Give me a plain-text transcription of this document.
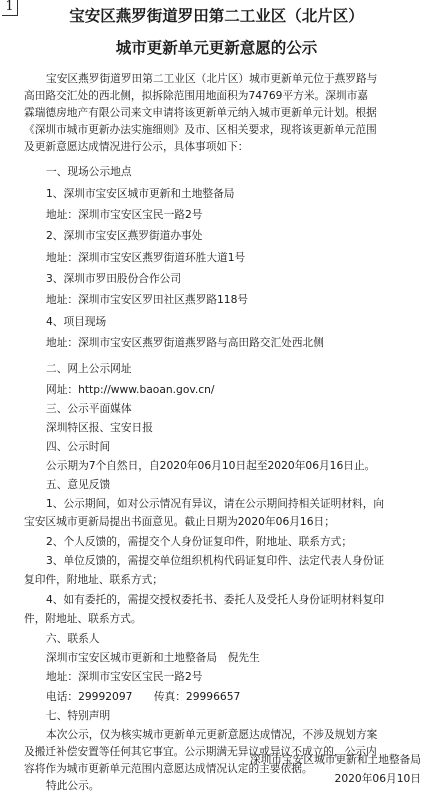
1
宝安区燕罗街道罗田第二工业区（北片区）
城市更新单元更新意愿的公示
宝安区燕罗街道罗田第二工业区（北片区）城市更新单元位于燕罗路与
高田路交汇处的西北侧，拟拆除范围用地面积为74769平方米。深圳市嘉
霖瑞德房地产有限公司来文申请将该更新单元纳入城市更新单元计划。根据
《深圳市城市更新办法实施细则》及市、区相关要求，现将该更新单元范围
及更新意愿达成情况进行公示，具体事项如下：
一、现场公示地点
1、深圳市宝安区城市更新和土地整备局
地址：深圳市宝安区宝民一路2号
2、深圳市宝安区燕罗街道办事处
地址：深圳市宝安区燕罗街道环胜大道1号
3、深圳市罗田股份合作公司
地址：深圳市宝安区罗田社区燕罗路118号
4、项目现场
地址：深圳市宝安区燕罗街道燕罗路与高田路交汇处西北侧
二、网上公示网址
网址：http://www.baoan.gov.cn/
三、公示平面媒体
深圳特区报、宝安日报
四、公示时间
公示期为7个自然日，自2020年06月10日起至2020年06月16日止。
五、意见反馈
1、公示期间，如对公示情况有异议，请在公示期间持相关证明材料，向
宝安区城市更新局提出书面意见。截止日期为2020年06月16日；
2、个人反馈的，需提交个人身份证复印件，附地址、联系方式；
3、单位反馈的，需提交单位组织机构代码证复印件、法定代表人身份证
复印件，附地址、联系方式；
4、如有委托的，需提交授权委托书、委托人及受托人身份证明材料复印
件，附地址、联系方式。
六、联系人
深圳市宝安区城市更新和土地整备局　倪先生
地址：深圳市宝安区宝民一路2号
电话：29992097　　传真：29996657
七、特别声明
本次公示，仅为核实城市更新单元更新意愿达成情况，不涉及规划方案
及搬迁补偿安置等任何其它事宜。公示期满无异议或异议不成立的，公示内
容将作为城市更新单元范围内意愿达成情况认定的主要依据。
特此公示。
深圳市宝安区城市更新和土地整备局
2020年06月10日
